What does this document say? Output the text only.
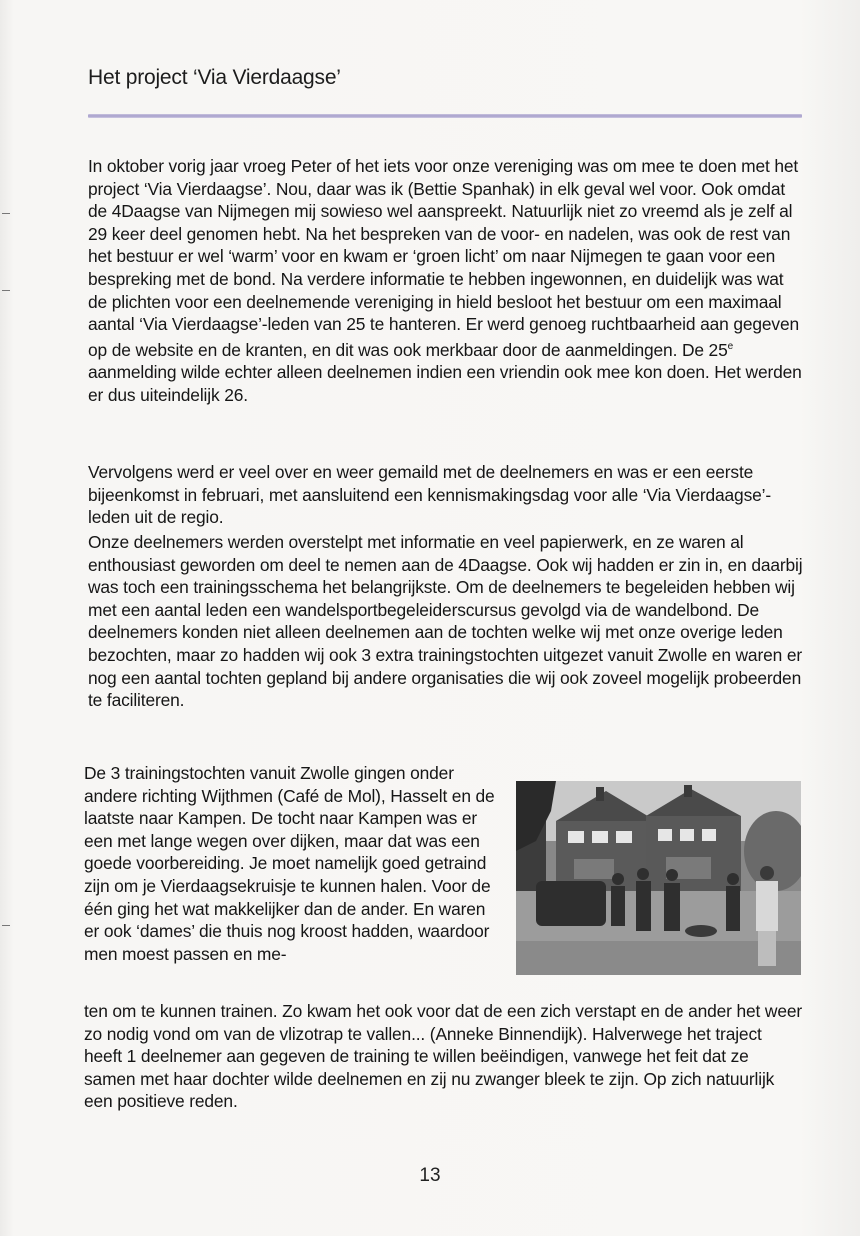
Het project ‘Via Vierdaagse’

In oktober vorig jaar vroeg Peter of het iets voor onze vereniging was om mee te doen met het project ‘Via Vierdaagse’. Nou, daar was ik (Bettie Spanhak) in elk geval wel voor. Ook omdat de 4Daagse van Nijmegen mij sowieso wel aanspreekt. Natuurlijk niet zo vreemd als je zelf al 29 keer deel genomen hebt. Na het bespreken van de voor- en nadelen, was ook de rest van het bestuur er wel ‘warm’ voor en kwam er ‘groen licht’ om naar Nijmegen te gaan voor een bespreking met de bond. Na verdere informatie te hebben ingewonnen, en duidelijk was wat de plichten voor een deelnemende vereniging in hield besloot het bestuur om een maximaal aantal ‘Via Vierdaagse’-leden van 25 te hanteren. Er werd genoeg ruchtbaarheid aan gegeven op de website en de kranten, en dit was ook merkbaar door de aanmeldingen. De 25e aanmelding wilde echter alleen deelnemen indien een vriendin ook mee kon doen. Het werden er dus uiteindelijk 26.

Vervolgens werd er veel over en weer gemaild met de deelnemers en was er een eerste bijeenkomst in februari, met aansluitend een kennismakingsdag voor alle ‘Via Vierdaagse’-leden uit de regio.

Onze deelnemers werden overstelpt met informatie en veel papierwerk, en ze waren al enthousiast geworden om deel te nemen aan de 4Daagse. Ook wij hadden er zin in, en daarbij was toch een trainingsschema het belangrijkste. Om de deelnemers te begeleiden hebben wij met een aantal leden een wandelsportbegeleiderscursus gevolgd via de wandelbond. De deelnemers konden niet alleen deelnemen aan de tochten welke wij met onze overige leden bezochten, maar zo hadden wij ook 3 extra trainingstochten uitgezet vanuit Zwolle en waren er nog een aantal tochten gepland bij andere organisaties die wij ook zoveel mogelijk probeerden te faciliteren.

De 3 trainingstochten vanuit Zwolle gingen onder andere richting Wijthmen (Café de Mol), Hasselt en de laatste naar Kampen. De tocht naar Kampen was er een met lange wegen over dijken, maar dat was een goede voorbereiding. Je moet namelijk goed getraind zijn om je Vierdaagsekruisje te kunnen halen. Voor de één ging het wat makkelijker dan de ander. En waren er ook ‘dames’ die thuis nog kroost hadden, waardoor men moest passen en me-

ten om te kunnen trainen. Zo kwam het ook voor dat de een zich verstapt en de ander het weer zo nodig vond om van de vlizotrap te vallen... (Anneke Binnendijk). Halverwege het traject heeft 1 deelnemer aan gegeven de training te willen beëindigen, vanwege het feit dat ze samen met haar dochter wilde deelnemen en zij nu zwanger bleek te zijn. Op zich natuurlijk een positieve reden.

13
